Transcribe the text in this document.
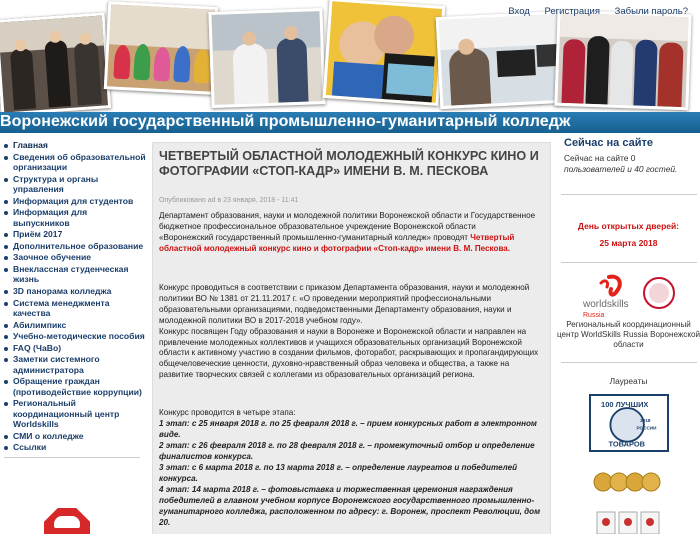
Вход Регистрация Забыли пароль?
Воронежский государственный промышленно-гуманитарный колледж
Главная
Сведения об образовательной организации
Структура и органы управления
Информация для студентов
Информация для выпускников
Приём 2017
Дополнительное образование
Заочное обучение
Внеклассная студенческая жизнь
3D панорама колледжа
Система менеджмента качества
Абилимпикс
Учебно-методические пособия
FAQ (ЧаВо)
Заметки системного администратора
Обращение граждан (противодействие коррупции)
Региональный координационный центр Worldskills
СМИ о колледже
Ссылки
ЧЕТВЕРТЫЙ ОБЛАСТНОЙ МОЛОДЕЖНЫЙ КОНКУРС КИНО И ФОТОГРАФИИ «СТОП-КАДР» ИМЕНИ В. М. ПЕСКОВА
Опубликовано ad в 23 января, 2018 - 11:41
Департамент образования, науки и молодежной политики Воронежской области и Государственное бюджетное профессиональное образовательное учреждение Воронежской области
«Воронежский государственный промышленно-гуманитарный колледж» проводят Четвертый областной молодежный конкурс кино и фотографии «Стоп-кадр» имени В. М. Пескова.
Конкурс проводиться в соответствии с приказом Департамента образования, науки и молодежной политики ВО № 1381 от 21.11.2017 г. «О проведении мероприятий профессиональными образовательными организациями, подведомственными Департаменту образования, науки и молодежной политики ВО в 2017-2018 учебном году».
Конкурс посвящен Году образования и науки в Воронеже и Воронежской области и направлен на привлечение молодежных коллективов и учащихся образовательных организаций Воронежской области к активному участию в создании фильмов, фоторабот, раскрывающих и пропагандирующих общечеловеческие ценности, духовно-нравственный образ человека и общества, а также на развитие творческих связей с коллегами из образовательных организаций региона.
Конкурс проводится в четыре этапа:
1 этап: с 25 января 2018 г. по 25 февраля 2018 г. – прием конкурсных работ в электронном виде.
2 этап: с 26 февраля 2018 г. по 28 февраля 2018 г. – промежуточный отбор и определение финалистов конкурса.
3 этап: с 6 марта 2018 г. по 13 марта 2018 г. – определение лауреатов и победителей конкурса.
4 этап: 14 марта 2018 г. – фотовыставка и торжественная церемония награждения победителей в главном учебном корпусе Воронежского государственного промышленно-гуманитарного колледжа, расположенном по адресу: г. Воронеж, проспект Революции, дом 20.
Сейчас на сайте
Сейчас на сайте 0
пользователей и 40 гостей.
День открытых дверей:
25 марта 2018
worldskills
Russia
Региональный координационный центр WorldSkills Russia Воронежской области
Лауреаты
100 ЛУЧШИХ
РОССИИ
2018
ТОВАРОВ
